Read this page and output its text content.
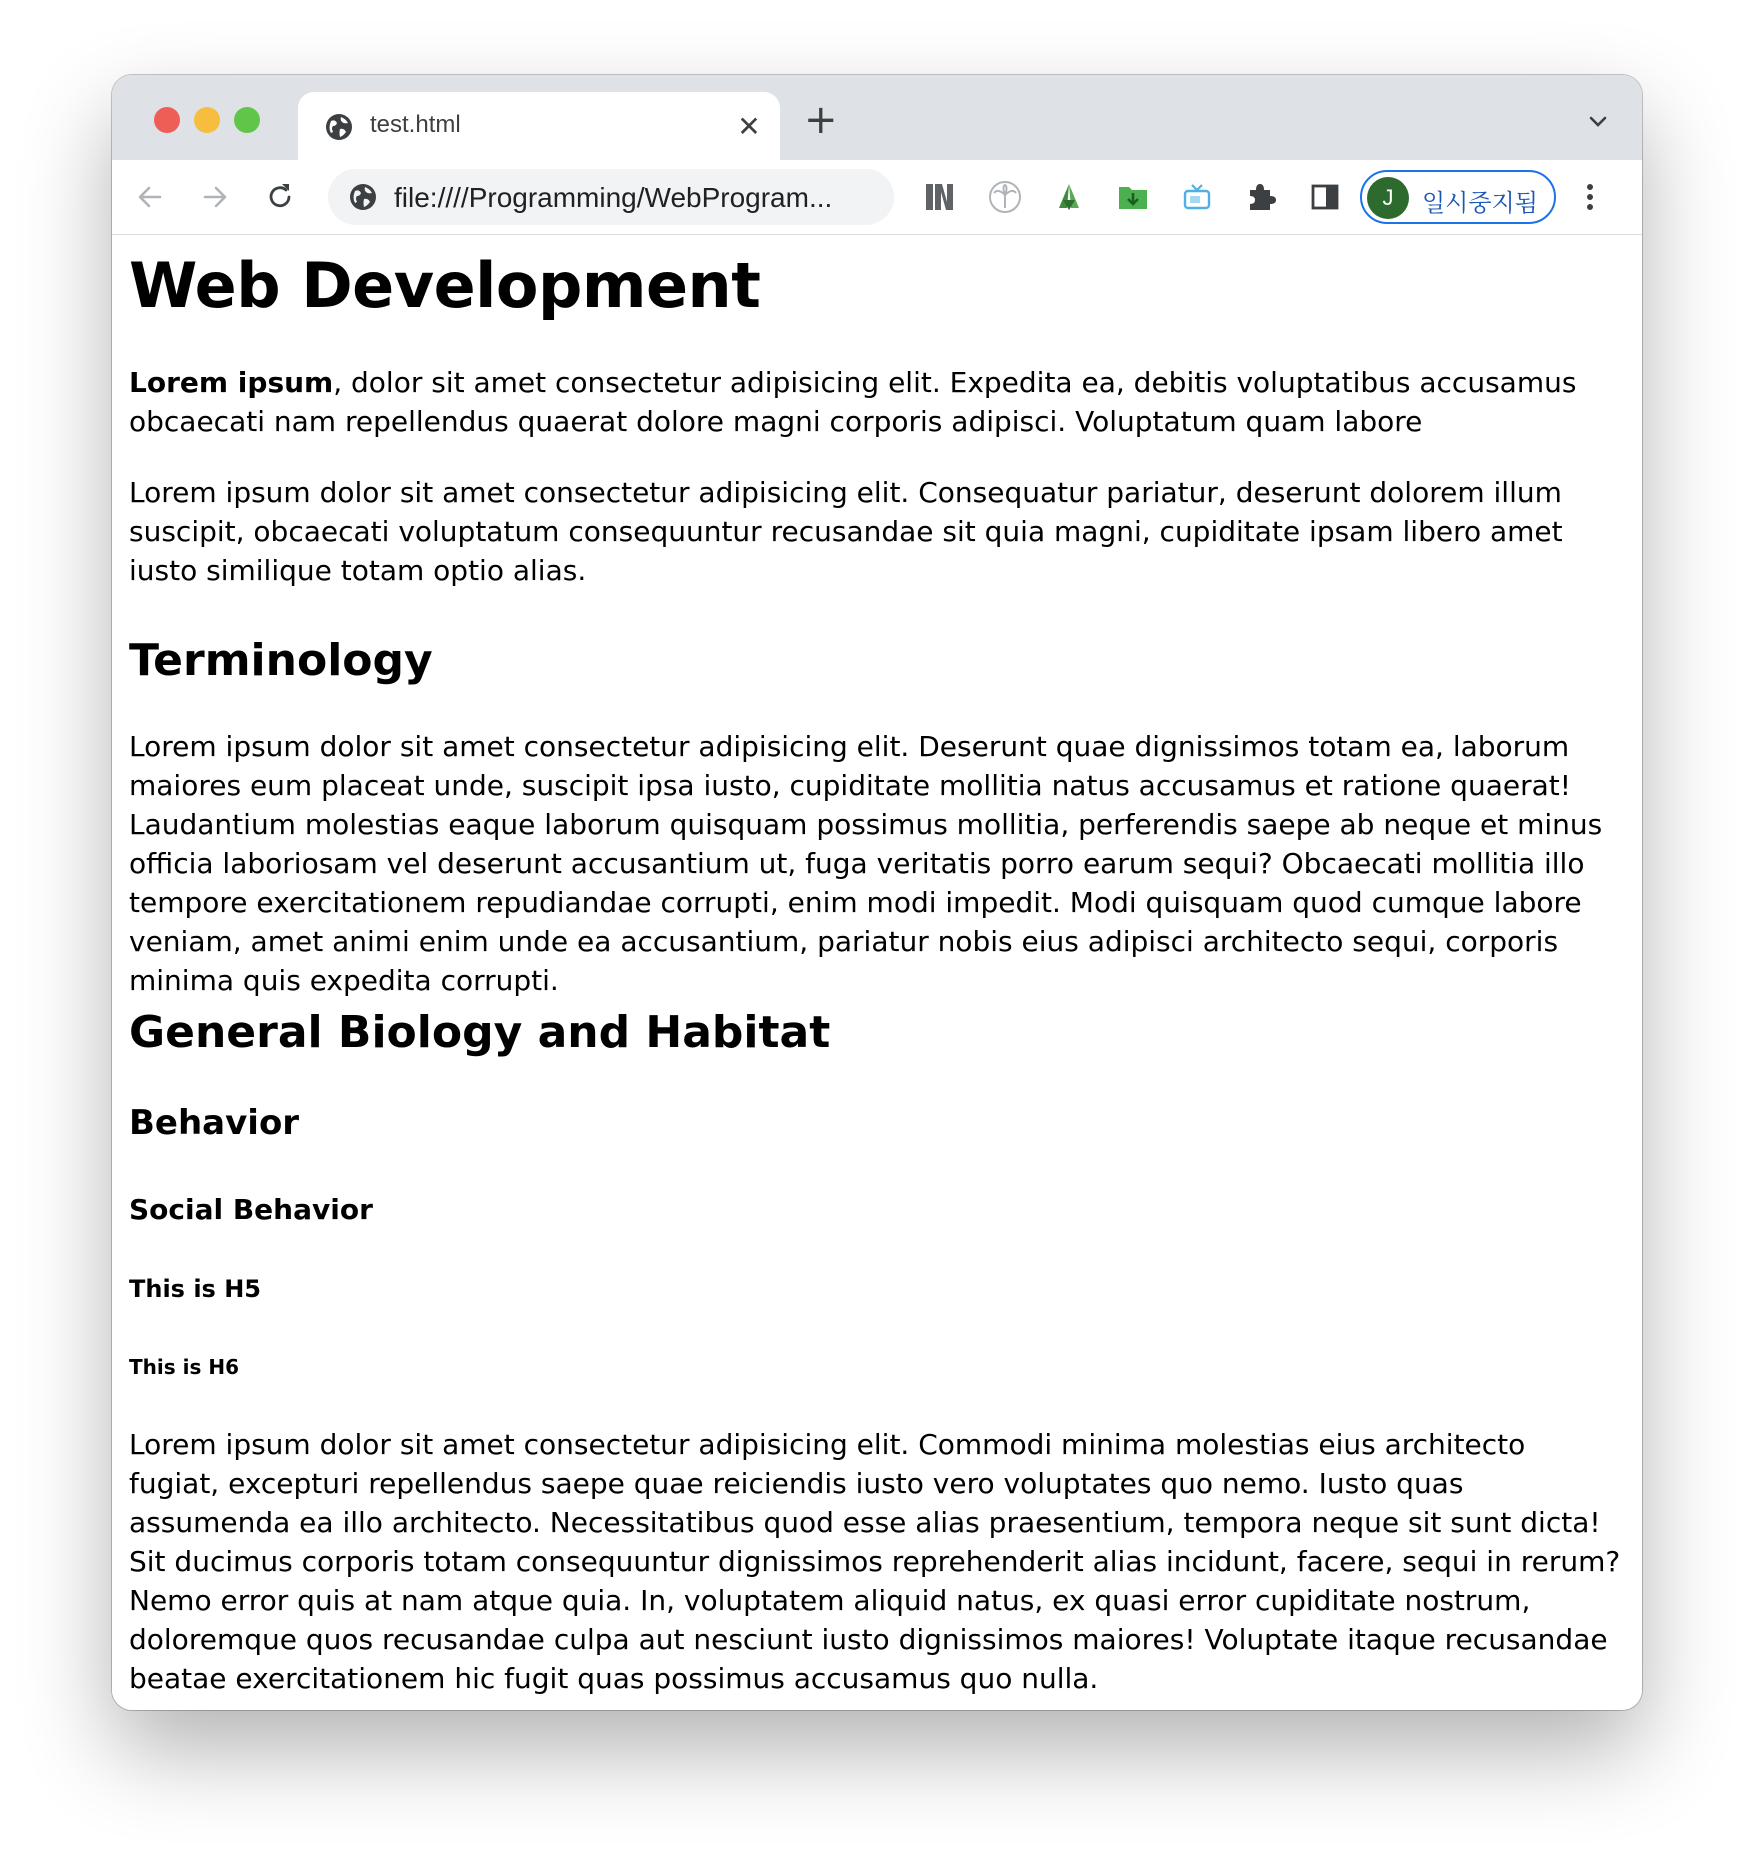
test.html	✕ +
file:////Programming/WebProgram...	J	일시중지됨
Web Development

Lorem ipsum, dolor sit amet consectetur adipisicing elit. Expedita ea, debitis voluptatibus accusamus obcaecati nam repellendus quaerat dolore magni corporis adipisci. Voluptatum quam labore

Lorem ipsum dolor sit amet consectetur adipisicing elit. Consequatur pariatur, deserunt dolorem illum suscipit, obcaecati voluptatum consequuntur recusandae sit quia magni, cupiditate ipsam libero amet iusto similique totam optio alias.

Terminology

Lorem ipsum dolor sit amet consectetur adipisicing elit. Deserunt quae dignissimos totam ea, laborum maiores eum placeat unde, suscipit ipsa iusto, cupiditate mollitia natus accusamus et ratione quaerat! Laudantium molestias eaque laborum quisquam possimus mollitia, perferendis saepe ab neque et minus officia laboriosam vel deserunt accusantium ut, fuga veritatis porro earum sequi? Obcaecati mollitia illo tempore exercitationem repudiandae corrupti, enim modi impedit. Modi quisquam quod cumque labore veniam, amet animi enim unde ea accusantium, pariatur nobis eius adipisci architecto sequi, corporis minima quis expedita corrupti.

General Biology and Habitat
Behavior
Social Behavior
This is H5
This is H6

Lorem ipsum dolor sit amet consectetur adipisicing elit. Commodi minima molestias eius architecto fugiat, excepturi repellendus saepe quae reiciendis iusto vero voluptates quo nemo. Iusto quas assumenda ea illo architecto. Necessitatibus quod esse alias praesentium, tempora neque sit sunt dicta! Sit ducimus corporis totam consequuntur dignissimos reprehenderit alias incidunt, facere, sequi in rerum? Nemo error quis at nam atque quia. In, voluptatem aliquid natus, ex quasi error cupiditate nostrum, doloremque quos recusandae culpa aut nesciunt iusto dignissimos maiores! Voluptate itaque recusandae beatae exercitationem hic fugit quas possimus accusamus quo nulla.
